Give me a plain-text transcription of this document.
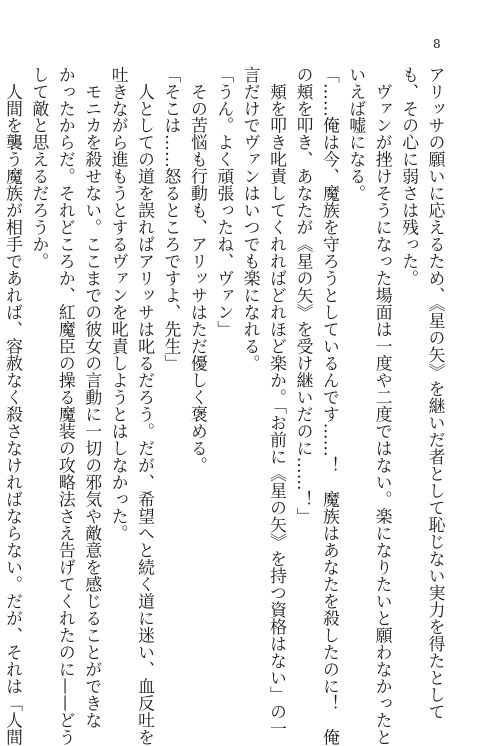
8

アリッサの願いに応えるため、《星の矢》を継いだ者として恥じない実力を得たとして

も、その心に弱さは残った。

　ヴァンが挫けそうになった場面は一度や二度ではない。楽になりたいと願わなかったと

いえば嘘になる。

「……俺は今、魔族を守ろうとしているんです……！　魔族はあなたを殺したのに！　俺

の頬を叩き、あなたが《星の矢》を受け継いだのに……！」

　頬を叩き叱責してくれればどれほど楽か。「お前に《星の矢》を持つ資格はない」の一

言だけでヴァンはいつでも楽になれる。

「うん。よく頑張ったね、ヴァン」

　その苦悩も行動も、アリッサはただ優しく褒める。

「そこは……怒るところですよ、先生」

　人としての道を誤ればアリッサは叱るだろう。だが、希望へと続く道に迷い、血反吐を

吐きながら進もうとするヴァンを叱責しようとはしなかった。

　モニカを殺せない。ここまでの彼女の言動に一切の邪気や敵意を感じることができな

かったからだ。それどころか、紅魔臣の操る魔装の攻略法さえ告げてくれたのに——どう

して敵と思えるだろうか。

　人間を襲う魔族が相手であれば、容赦なく殺さなければならない。だが、それは「人間
